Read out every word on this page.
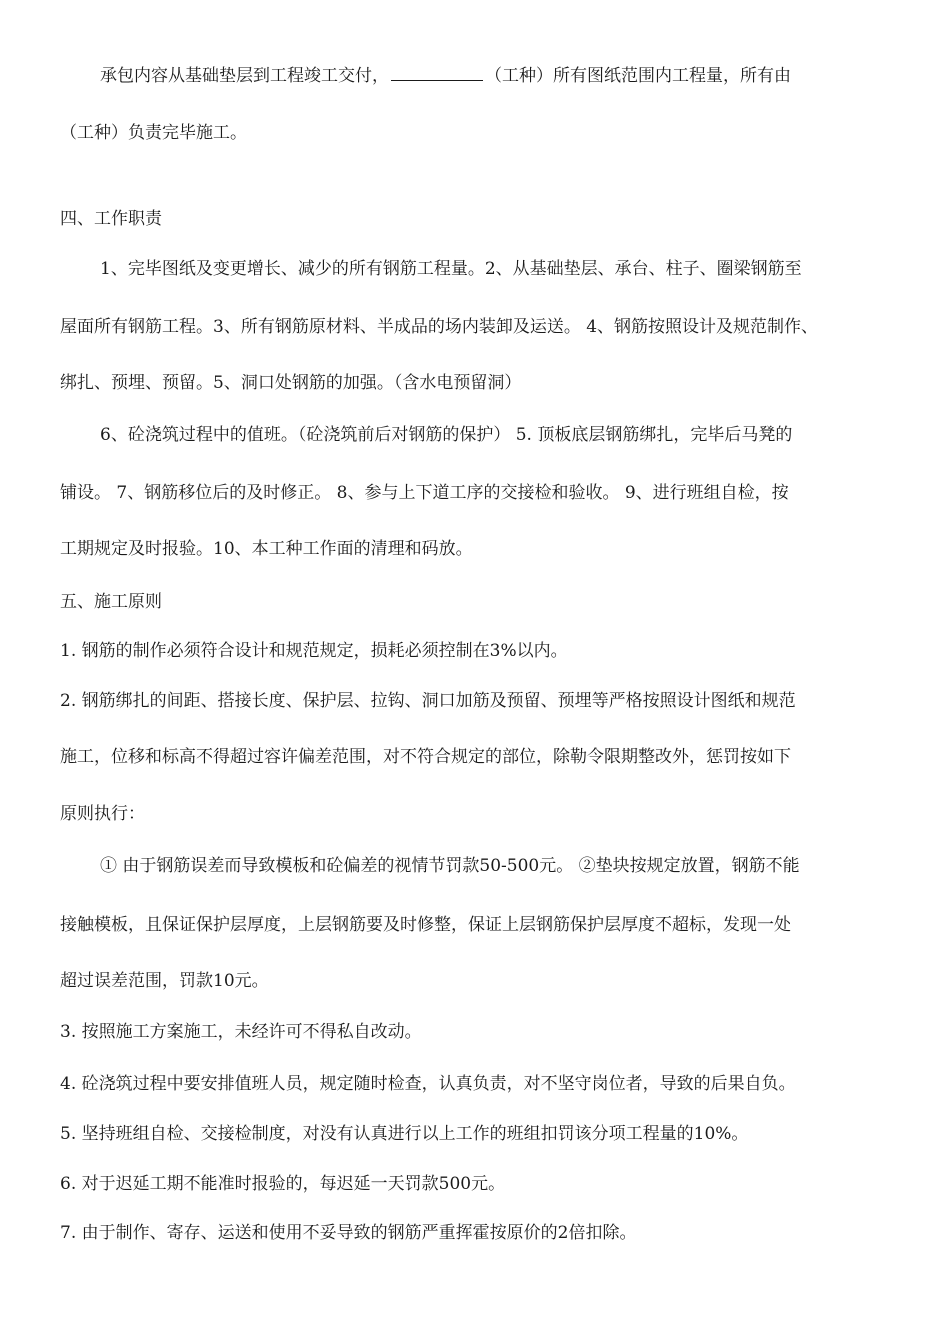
承包内容从基础垫层到工程竣工交付，	（工种）所有图纸范围内工程量，所有由
（工种）负责完毕施工。
四、工作职责
1、完毕图纸及变更增长、减少的所有钢筋工程量。2、从基础垫层、承台、柱子、圈梁钢筋至
屋面所有钢筋工程。3、所有钢筋原材料、半成品的场内装卸及运送。 4、钢筋按照设计及规范制作、
绑扎、预埋、预留。5、洞口处钢筋的加强。（含水电预留洞）
6、砼浇筑过程中的值班。（砼浇筑前后对钢筋的保护） 5. 顶板底层钢筋绑扎，完毕后马凳的
铺设。 7、钢筋移位后的及时修正。 8、参与上下道工序的交接检和验收。 9、进行班组自检，按
工期规定及时报验。10、本工种工作面的清理和码放。
五、施工原则
1. 钢筋的制作必须符合设计和规范规定，损耗必须控制在3%以内。
2. 钢筋绑扎的间距、搭接长度、保护层、拉钩、洞口加筋及预留、预埋等严格按照设计图纸和规范
施工，位移和标高不得超过容许偏差范围，对不符合规定的部位，除勒令限期整改外，惩罚按如下
原则执行：
① 由于钢筋误差而导致模板和砼偏差的视情节罚款50-500元。 ②垫块按规定放置，钢筋不能
接触模板，且保证保护层厚度，上层钢筋要及时修整，保证上层钢筋保护层厚度不超标，发现一处
超过误差范围，罚款10元。
3. 按照施工方案施工，未经许可不得私自改动。
4. 砼浇筑过程中要安排值班人员，规定随时检查，认真负责，对不坚守岗位者，导致的后果自负。
5. 坚持班组自检、交接检制度，对没有认真进行以上工作的班组扣罚该分项工程量的10%。
6. 对于迟延工期不能准时报验的，每迟延一天罚款500元。
7. 由于制作、寄存、运送和使用不妥导致的钢筋严重挥霍按原价的2倍扣除。
